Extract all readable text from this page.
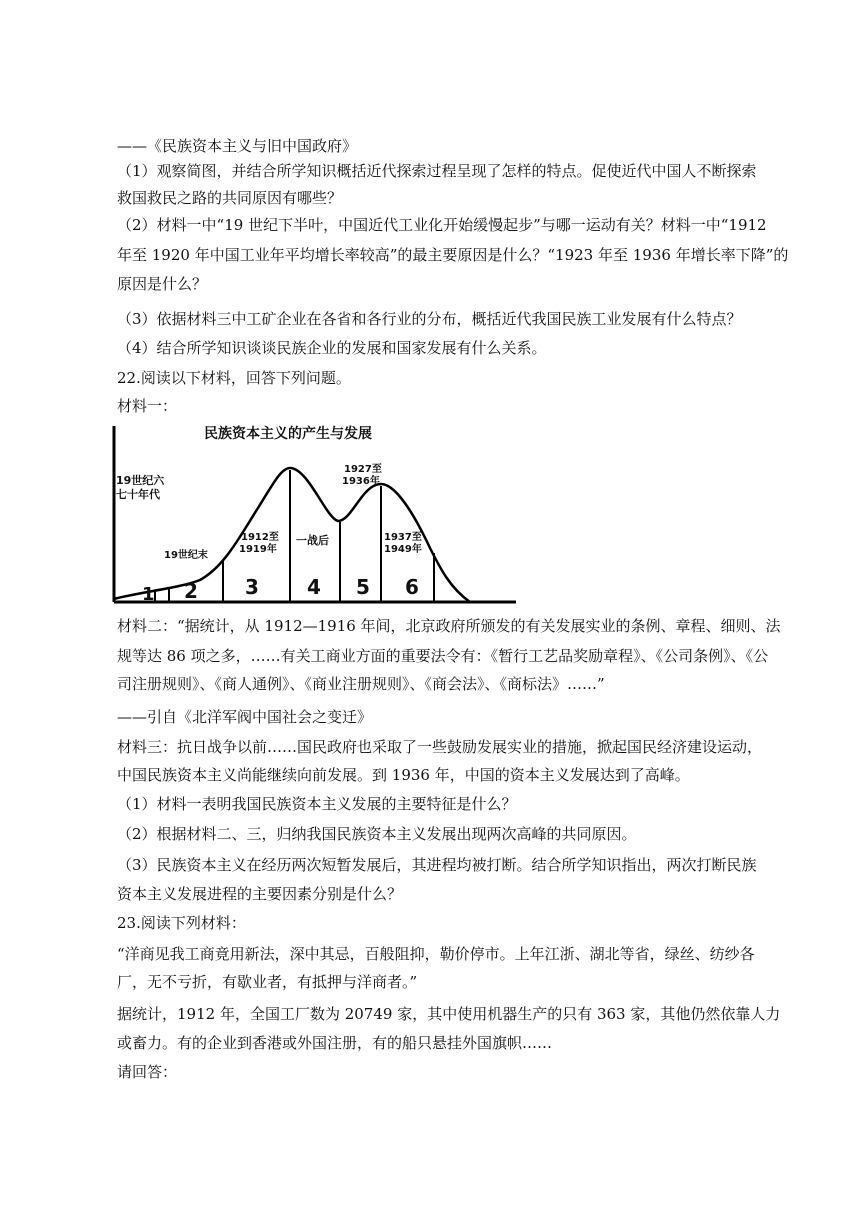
——《民族资本主义与旧中国政府》
（1）观察简图，并结合所学知识概括近代探索过程呈现了怎样的特点。促使近代中国人不断探索
救国救民之路的共同原因有哪些？
（2）材料一中“19 世纪下半叶，中国近代工业化开始缓慢起步”与哪一运动有关？材料一中“1912
年至 1920 年中国工业年平均增长率较高”的最主要原因是什么？“1923 年至 1936 年增长率下降”的
原因是什么？
（3）依据材料三中工矿企业在各省和各行业的分布，概括近代我国民族工业发展有什么特点？
（4）结合所学知识谈谈民族企业的发展和国家发展有什么关系。
22.阅读以下材料，回答下列问题。
材料一：
民族资本主义的产生与发展
1 2 3 4 5 6
19世纪六
七十年代
19世纪末
1912至
1919年
一战后
1927至
1936年
1937至
1949年
材料二：“据统计，从 1912—1916 年间，北京政府所颁发的有关发展实业的条例、章程、细则、法
规等达 86 项之多，……有关工商业方面的重要法令有：《暂行工艺品奖励章程》、《公司条例》、《公
司注册规则》、《商人通例》、《商业注册规则》、《商会法》、《商标法》……”
——引自《北洋军阀中国社会之变迁》
材料三：抗日战争以前……国民政府也采取了一些鼓励发展实业的措施，掀起国民经济建设运动，
中国民族资本主义尚能继续向前发展。到 1936 年，中国的资本主义发展达到了高峰。
（1）材料一表明我国民族资本主义发展的主要特征是什么？
（2）根据材料二、三，归纳我国民族资本主义发展出现两次高峰的共同原因。
（3）民族资本主义在经历两次短暂发展后，其进程均被打断。结合所学知识指出，两次打断民族
资本主义发展进程的主要因素分别是什么？
23.阅读下列材料：
“洋商见我工商竟用新法，深中其忌，百般阻抑，勒价停市。上年江浙、湖北等省，绿丝、纺纱各
厂，无不亏折，有歇业者，有抵押与洋商者。”
据统计，1912 年，全国工厂数为 20749 家，其中使用机器生产的只有 363 家，其他仍然依靠人力
或畜力。有的企业到香港或外国注册，有的船只悬挂外国旗帜……
请回答：
